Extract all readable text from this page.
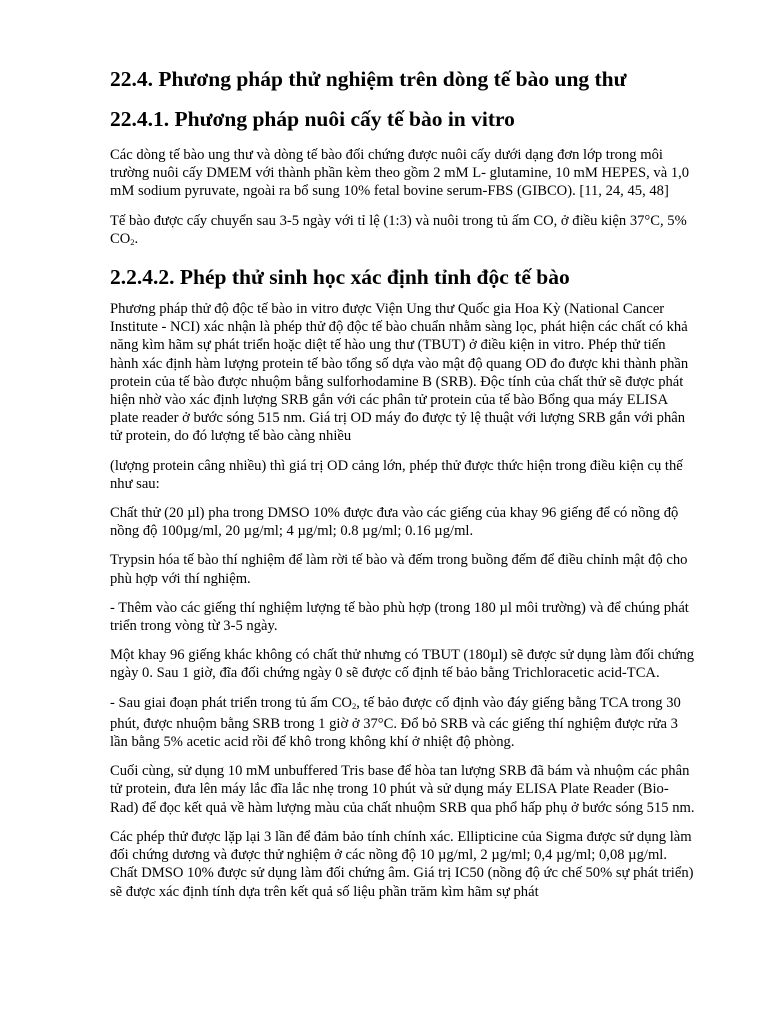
22.4. Phương pháp thử nghiệm trên dòng tế bào ung thư
22.4.1. Phương pháp nuôi cấy tế bào in vitro

Các dòng tế bào ung thư và dòng tế bào đối chứng được nuôi cấy dưới dạng đơn lớp trong môi trường nuôi cấy DMEM với thành phần kèm theo gồm 2 mM L- glutamine, 10 mM HEPES, và 1,0 mM sodium pyruvate, ngoài ra bổ sung 10% fetal bovine serum-FBS (GIBCO). [11, 24, 45, 48]

Tế bào được cấy chuyển sau 3-5 ngày với tỉ lệ (1:3) và nuôi trong tủ ấm CO, ở điều kiện 37°C, 5% $CO_2$.

2.2.4.2. Phép thử sinh học xác định tỉnh độc tế bào

Phương pháp thử độ độc tế bào in vitro được Viện Ung thư Quốc gia Hoa Kỳ (National Cancer Institute - NCI) xác nhận là phép thử độ độc tế bào chuẩn nhằm sàng lọc, phát hiện các chất có khả năng kìm hãm sự phát triển hoặc diệt tế hào ung thư (TBUT) ở điều kiện in vitro. Phép thử tiến hành xác định hàm lượng protein tế bào tổng số dựa vào mật độ quang OD đo được khi thành phần protein của tế bào được nhuộm bằng sulforhodamine B (SRB). Độc tính của chất thử sẽ được phát hiện nhờ vào xác định lượng SRB gắn với các phân tử protein của tế bào Bổng qua máy ELISA plate reader ở bước sóng 515 nm. Giá trị OD máy đo được tỷ lệ thuật với lượng SRB gắn với phân tử protein, do đó lượng tế bào càng nhiều

(lượng protein câng nhiều) thì giá trị OD cảng lớn, phép thử được thức hiện trong điều kiện cụ thế như sau:

Chất thử (20 µl) pha trong DMSO 10% được đưa vào các giếng của khay 96 giếng để có nồng độ nồng độ 100µg/ml, 20 µg/ml; 4 µg/ml; 0.8 µg/ml; 0.16 µg/ml.

Trypsin hóa tế bào thí nghiệm để làm rời tế bào và đếm trong buồng đếm để điều chỉnh mật độ cho phù hợp với thí nghiệm.

- Thêm vào các giếng thí nghiệm lượng tế bào phù hợp (trong 180 µl môi trường) và để chúng phát triển trong vòng từ 3-5 ngày.

Một khay 96 giếng khác không có chất thử nhưng có TBUT (180µl) sẽ được sử dụng làm đối chứng ngày 0. Sau 1 giờ, đĩa đối chứng ngày 0 sẽ được cố định tế bảo bằng Trichloracetic acid-TCA.

- Sau giai đoạn phát triển trong tủ ấm $CO_2$, tế bảo được cố định vào đáy giếng bằng TCA trong 30 phút, được nhuộm bằng SRB trong 1 giờ ở 37°C. Đổ bỏ SRB và các giếng thí nghiệm được rửa 3 lần bằng 5% acetic acid rồi để khô trong không khí ở nhiệt độ phòng.

Cuối cùng, sử dụng 10 mM unbuffered Tris base để hòa tan lượng SRB đã bám và nhuộm các phân tử protein, đưa lên máy lắc đĩa lắc nhẹ trong 10 phút và sử dụng máy ELISA Plate Reader (Bio-Rad) để đọc kết quả về hàm lượng màu của chất nhuộm SRB qua phổ hấp phụ ở bước sóng 515 nm.

Các phép thử được lặp lại 3 lần để đảm bảo tính chính xác. Ellipticine của Sigma được sử dụng làm đối chứng dương và được thử nghiệm ở các nồng độ 10 µg/ml, 2 µg/ml; 0,4 µg/ml; 0,08 µg/ml. Chất DMSO 10% được sử dụng làm đối chứng âm. Giá trị IC50 (nồng độ ức chế 50% sự phát triển) sẽ được xác định tính dựa trên kết quả số liệu phần trăm kìm hãm sự phát
